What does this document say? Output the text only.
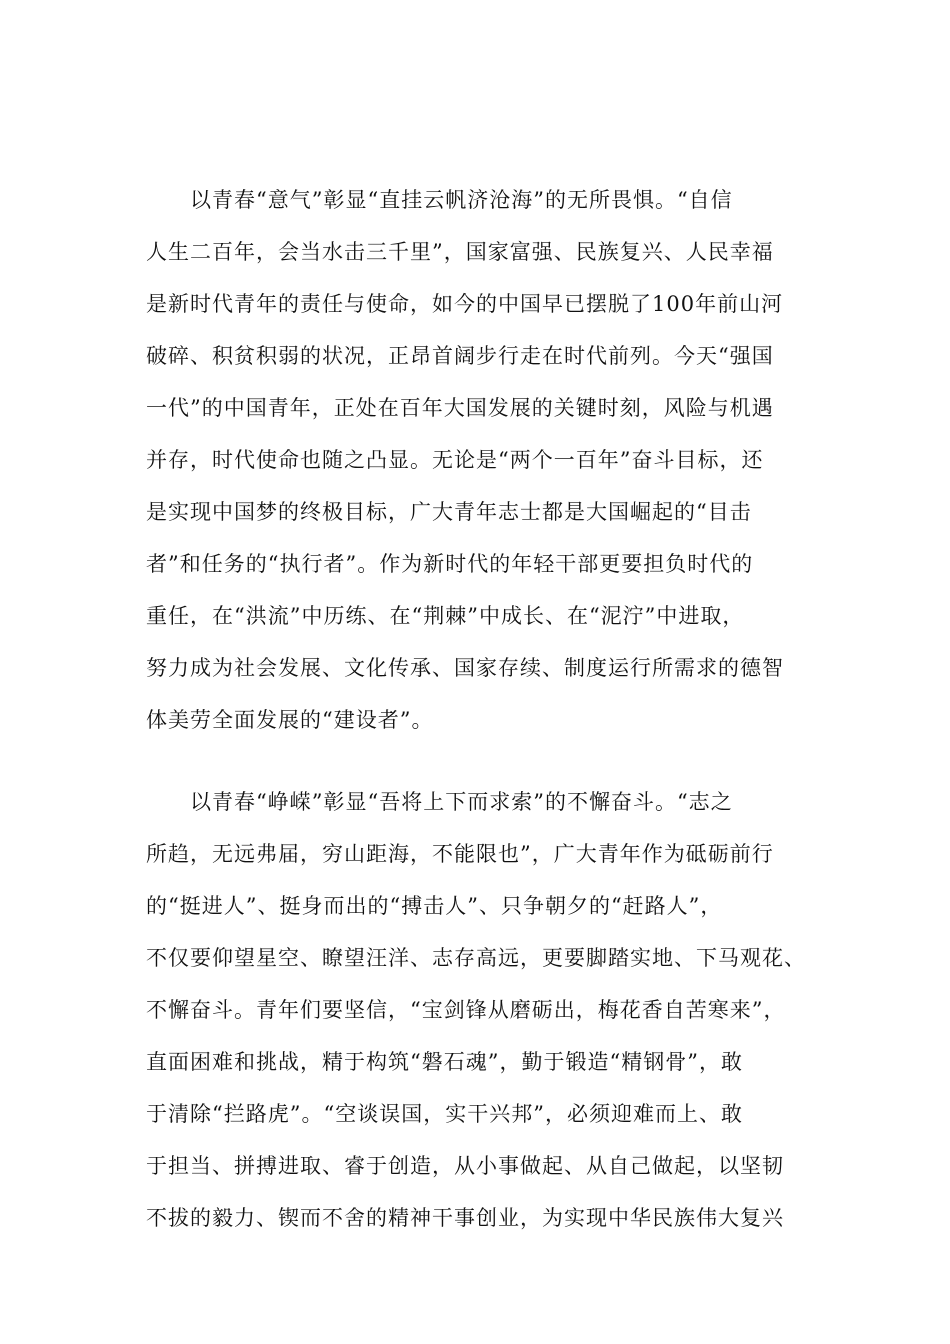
以青春“意气”彰显“直挂云帆济沧海”的无所畏惧。“自信
人生二百年，会当水击三千里”，国家富强、民族复兴、人民幸福
是新时代青年的责任与使命，如今的中国早已摆脱了100年前山河
破碎、积贫积弱的状况，正昂首阔步行走在时代前列。今天“强国
一代”的中国青年，正处在百年大国发展的关键时刻，风险与机遇
并存，时代使命也随之凸显。无论是“两个一百年”奋斗目标，还
是实现中国梦的终极目标，广大青年志士都是大国崛起的“目击
者”和任务的“执行者”。作为新时代的年轻干部更要担负时代的
重任，在“洪流”中历练、在“荆棘”中成长、在“泥泞”中进取，
努力成为社会发展、文化传承、国家存续、制度运行所需求的德智
体美劳全面发展的“建设者”。
以青春“峥嵘”彰显“吾将上下而求索”的不懈奋斗。“志之
所趋，无远弗届，穷山距海，不能限也”，广大青年作为砥砺前行
的“挺进人”、挺身而出的“搏击人”、只争朝夕的“赶路人”，
不仅要仰望星空、瞭望汪洋、志存高远，更要脚踏实地、下马观花、
不懈奋斗。青年们要坚信，“宝剑锋从磨砺出，梅花香自苦寒来”，
直面困难和挑战，精于构筑“磐石魂”，勤于锻造“精钢骨”，敢
于清除“拦路虎”。“空谈误国，实干兴邦”，必须迎难而上、敢
于担当、拼搏进取、睿于创造，从小事做起、从自己做起，以坚韧
不拔的毅力、锲而不舍的精神干事创业，为实现中华民族伟大复兴
